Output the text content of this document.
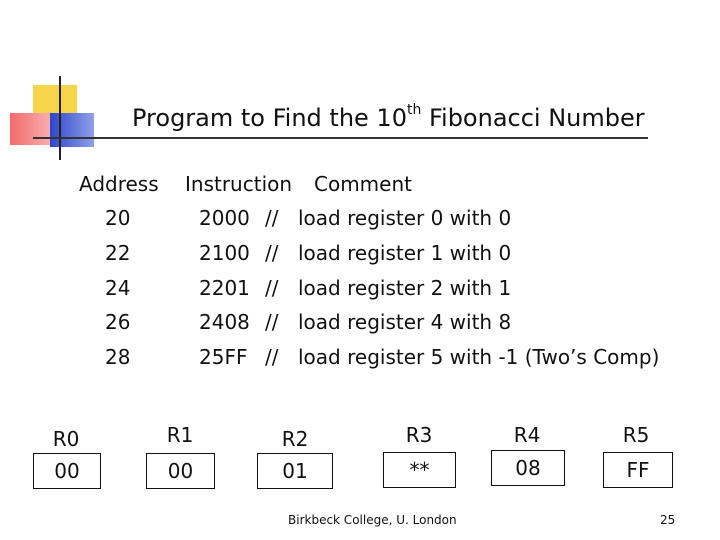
Program to Find the 10th Fibonacci Number
Address Instruction Comment
20	2000 // load register 0 with 0
22	2100 // load register 1 with 0
24	2201 // load register 2 with 1
26	2408 // load register 4 with 8
28	25FF // load register 5 with -1 (Two’s Comp)
R0
00
R1
00
R2
01
R3
**
R4
08
R5
FF
Birkbeck College, U. London	25
